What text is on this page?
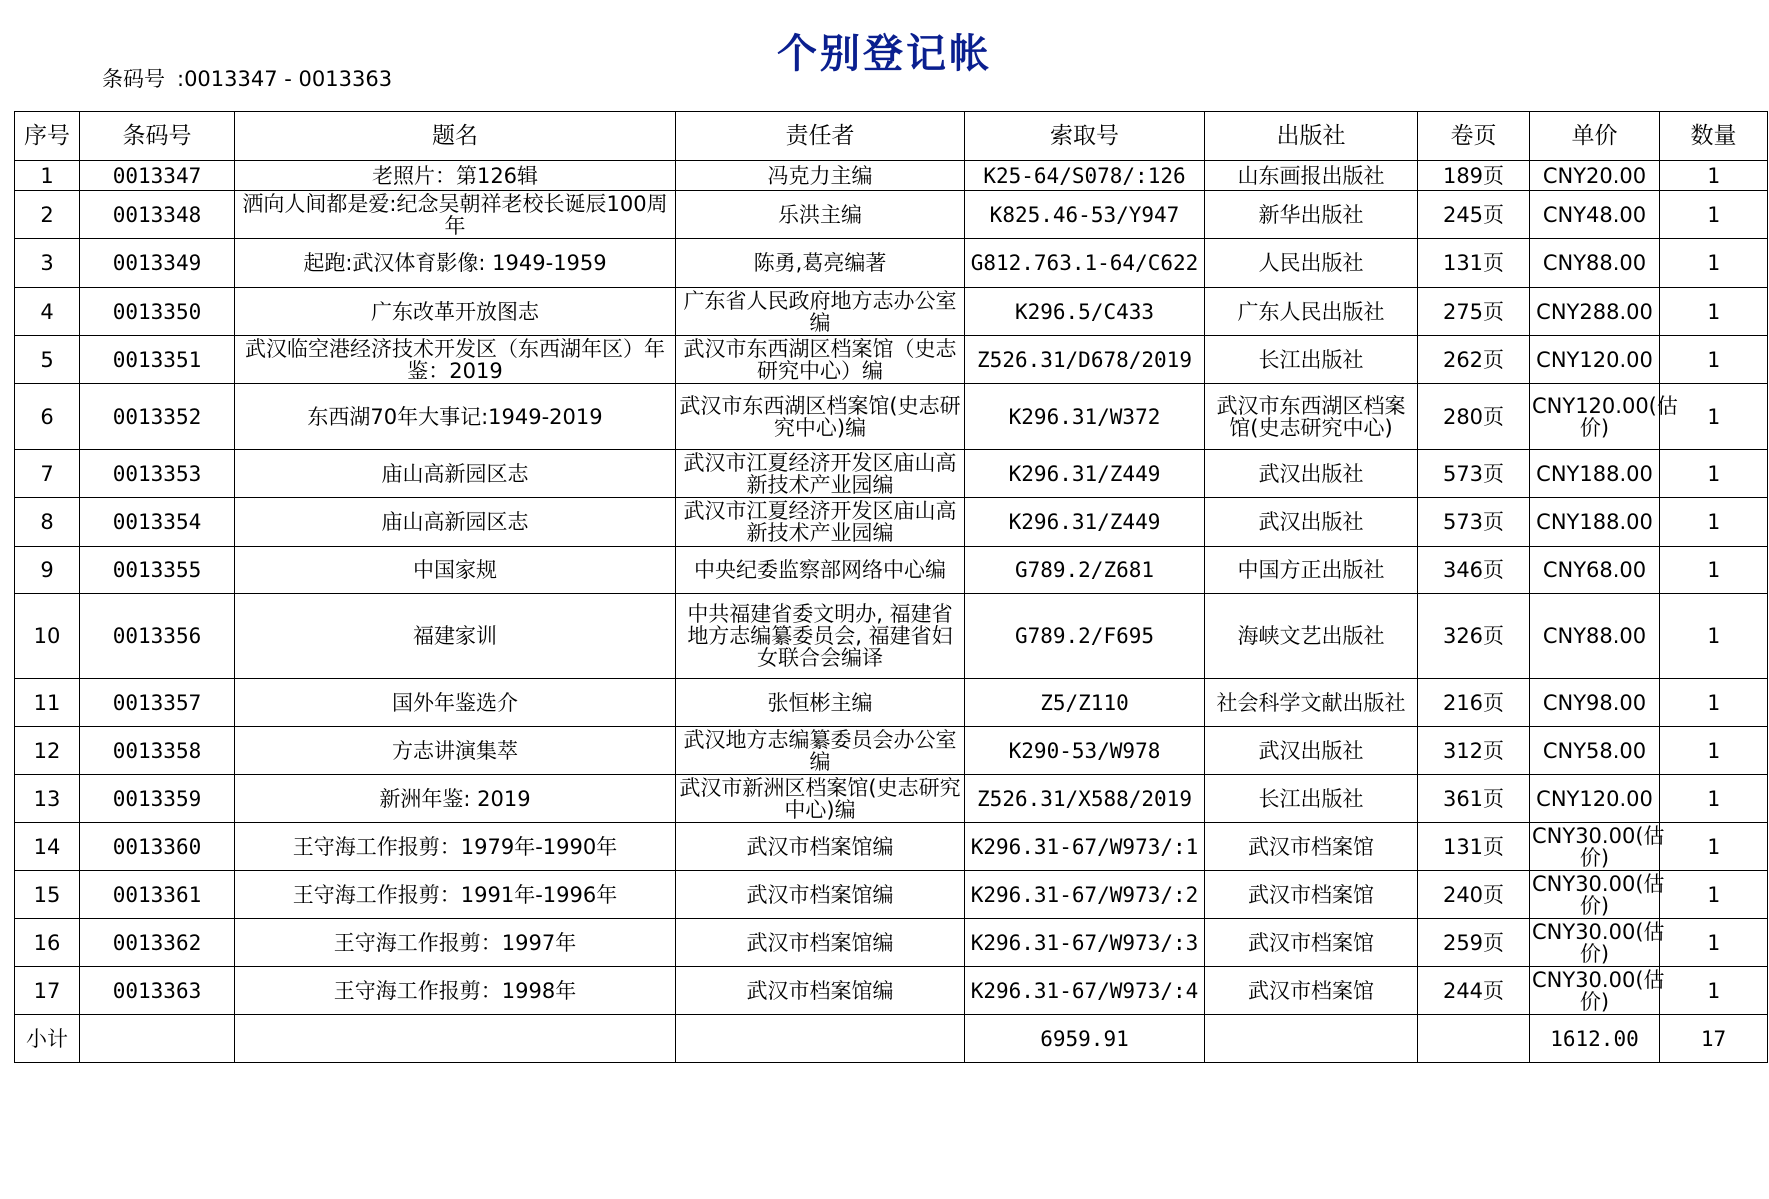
个别登记帐
条码号 :0013347 - 0013363
序号	条码号	题名	责任者	索取号	出版社	卷页	单价	数量
1	0013347	老照片：第126辑	冯克力主编	K25-64/S078/:126	山东画报出版社	189页	CNY20.00	1
2	0013348	洒向人间都是爱:纪念吴朝祥老校长诞辰100周年	乐洪主编	K825.46-53/Y947	新华出版社	245页	CNY48.00	1
3	0013349	起跑:武汉体育影像: 1949-1959	陈勇,葛亮编著	G812.763.1-64/C622	人民出版社	131页	CNY88.00	1
4	0013350	广东改革开放图志	广东省人民政府地方志办公室编	K296.5/C433	广东人民出版社	275页	CNY288.00	1
5	0013351	武汉临空港经济技术开发区（东西湖年区）年鉴：2019	武汉市东西湖区档案馆（史志研究中心）编	Z526.31/D678/2019	长江出版社	262页	CNY120.00	1
6	0013352	东西湖70年大事记:1949-2019	武汉市东西湖区档案馆(史志研究中心)编	K296.31/W372	武汉市东西湖区档案馆(史志研究中心)	280页	CNY120.00(估价)	1
7	0013353	庙山高新园区志	武汉市江夏经济开发区庙山高新技术产业园编	K296.31/Z449	武汉出版社	573页	CNY188.00	1
8	0013354	庙山高新园区志	武汉市江夏经济开发区庙山高新技术产业园编	K296.31/Z449	武汉出版社	573页	CNY188.00	1
9	0013355	中国家规	中央纪委监察部网络中心编	G789.2/Z681	中国方正出版社	346页	CNY68.00	1
10	0013356	福建家训	中共福建省委文明办, 福建省地方志编纂委员会, 福建省妇女联合会编译	G789.2/F695	海峡文艺出版社	326页	CNY88.00	1
11	0013357	国外年鉴选介	张恒彬主编	Z5/Z110	社会科学文献出版社	216页	CNY98.00	1
12	0013358	方志讲演集萃	武汉地方志编纂委员会办公室编	K290-53/W978	武汉出版社	312页	CNY58.00	1
13	0013359	新洲年鉴: 2019	武汉市新洲区档案馆(史志研究中心)编	Z526.31/X588/2019	长江出版社	361页	CNY120.00	1
14	0013360	王守海工作报剪：1979年-1990年	武汉市档案馆编	K296.31-67/W973/:1	武汉市档案馆	131页	CNY30.00(估价)	1
15	0013361	王守海工作报剪：1991年-1996年	武汉市档案馆编	K296.31-67/W973/:2	武汉市档案馆	240页	CNY30.00(估价)	1
16	0013362	王守海工作报剪：1997年	武汉市档案馆编	K296.31-67/W973/:3	武汉市档案馆	259页	CNY30.00(估价)	1
17	0013363	王守海工作报剪：1998年	武汉市档案馆编	K296.31-67/W973/:4	武汉市档案馆	244页	CNY30.00(估价)	1
小计				6959.91			1612.00	17
